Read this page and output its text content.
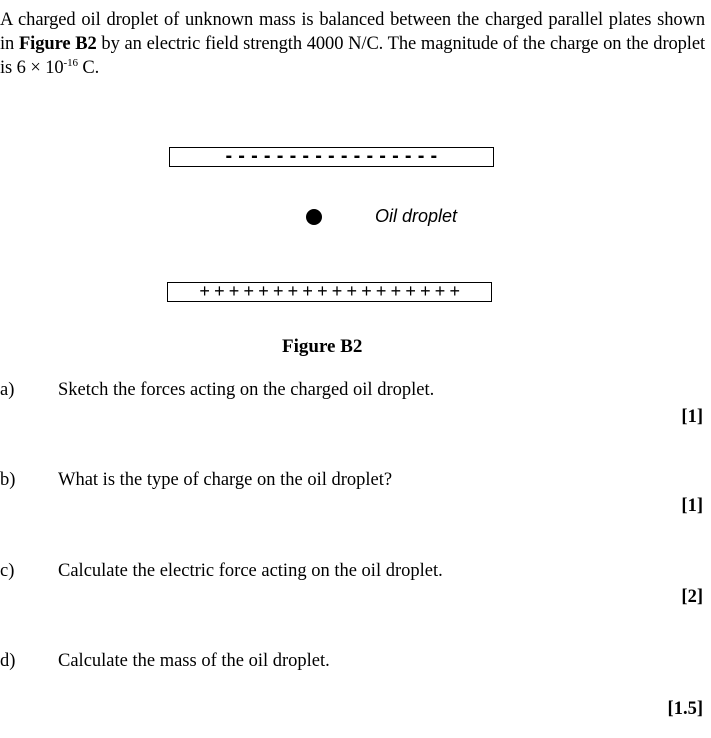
A charged oil droplet of unknown mass is balanced between the charged parallel plates shown in Figure B2 by an electric field strength 4000 N/C. The magnitude of the charge on the droplet is $6 \times 10^{-16}$ C.
- - - - - - - - - - - - - - - - -
Oil droplet
+ + + + + + + + + + + + + + + + + +
Figure B2
a) Sketch the forces acting on the charged oil droplet.
[1]
b) What is the type of charge on the oil droplet?
[1]
c) Calculate the electric force acting on the oil droplet.
[2]
d) Calculate the mass of the oil droplet.
[1.5]
